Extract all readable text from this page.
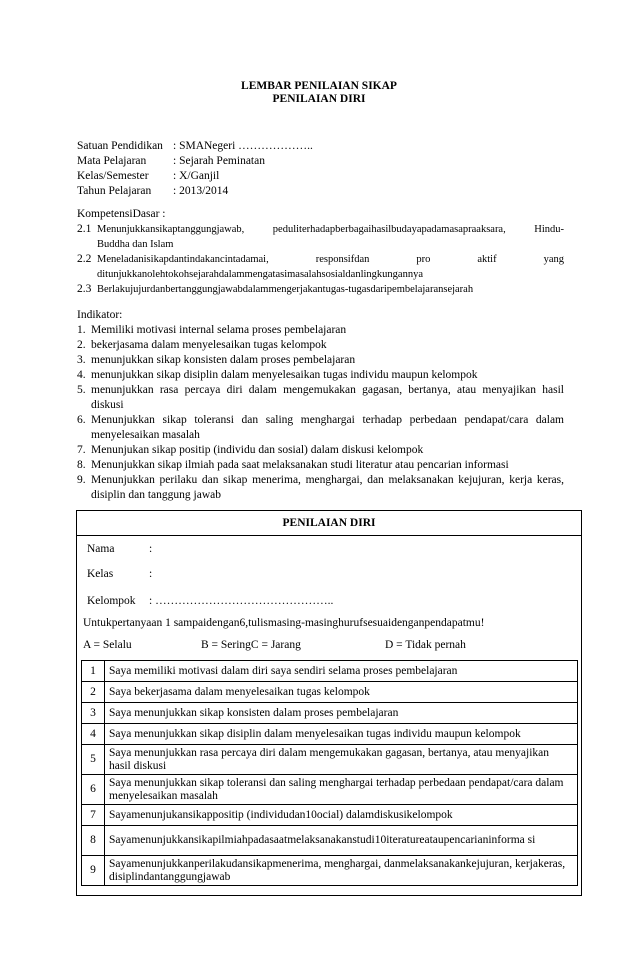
LEMBAR PENILAIAN SIKAP
PENILAIAN DIRI
Satuan Pendidikan : SMANegeri ………………..
Mata Pelajaran	: Sejarah Peminatan
Kelas/Semester	: X/Ganjil
Tahun Pelajaran	: 2013/2014
KompetensiDasar :
2.1 Menunjukkansikaptanggungjawab, peduliterhadapberbagaihasilbudayapadamasapraaksara, Hindu-
Buddha dan Islam
2.2 Meneladanisikapdantindakancintadamai, responsifdan pro aktif yang
ditunjukkanolehtokohsejarahdalammengatasimasalahsosialdanlingkungannya
2.3 Berlakujujurdanbertanggungjawabdalammengerjakantugas-tugasdaripembelajaransejarah
Indikator:
1. Memiliki motivasi internal selama proses pembelajaran
2. bekerjasama dalam menyelesaikan tugas kelompok
3. menunjukkan sikap konsisten dalam proses pembelajaran
4. menunjukkan sikap disiplin dalam menyelesaikan tugas individu maupun kelompok
5. menunjukkan rasa percaya diri dalam mengemukakan gagasan, bertanya, atau menyajikan hasil diskusi
6. Menunjukkan sikap toleransi dan saling menghargai terhadap perbedaan pendapat/cara dalam menyelesaikan masalah
7. Menunjukan sikap positip (individu dan sosial) dalam diskusi kelompok
8. Menunjukkan sikap ilmiah pada saat melaksanakan studi literatur atau pencarian informasi
9. Menunjukkan perilaku dan sikap menerima, menghargai, dan melaksanakan kejujuran, kerja keras, disiplin dan tanggung jawab
PENILAIAN DIRI
Nama	:
Kelas	:
Kelompok	: ………………………………………..
Untukpertanyaan 1 sampaidengan6,tulismasing-masinghurufsesuaidenganpendapatmu!
A = Selalu	B = SeringC = Jarang	D = Tidak pernah
1	Saya memiliki motivasi dalam diri saya sendiri selama proses pembelajaran
2	Saya bekerjasama dalam menyelesaikan tugas kelompok
3	Saya menunjukkan sikap konsisten dalam proses pembelajaran
4	Saya menunjukkan sikap disiplin dalam menyelesaikan tugas individu maupun kelompok
5	Saya menunjukkan rasa percaya diri dalam mengemukakan gagasan, bertanya, atau menyajikan hasil diskusi
6	Saya menunjukkan sikap toleransi dan saling menghargai terhadap perbedaan pendapat/cara dalam menyelesaikan masalah
7	Sayamenunjukansikappositip (individudan10ocial) dalamdiskusikelompok
8	Sayamenunjukkansikapilmiahpadasaatmelaksanakanstudi10iteratureataupencarianinforma si
9	Sayamenunjukkanperilakudansikapmenerima, menghargai, danmelaksanakankejujuran, kerjakeras, disiplindantanggungjawab
